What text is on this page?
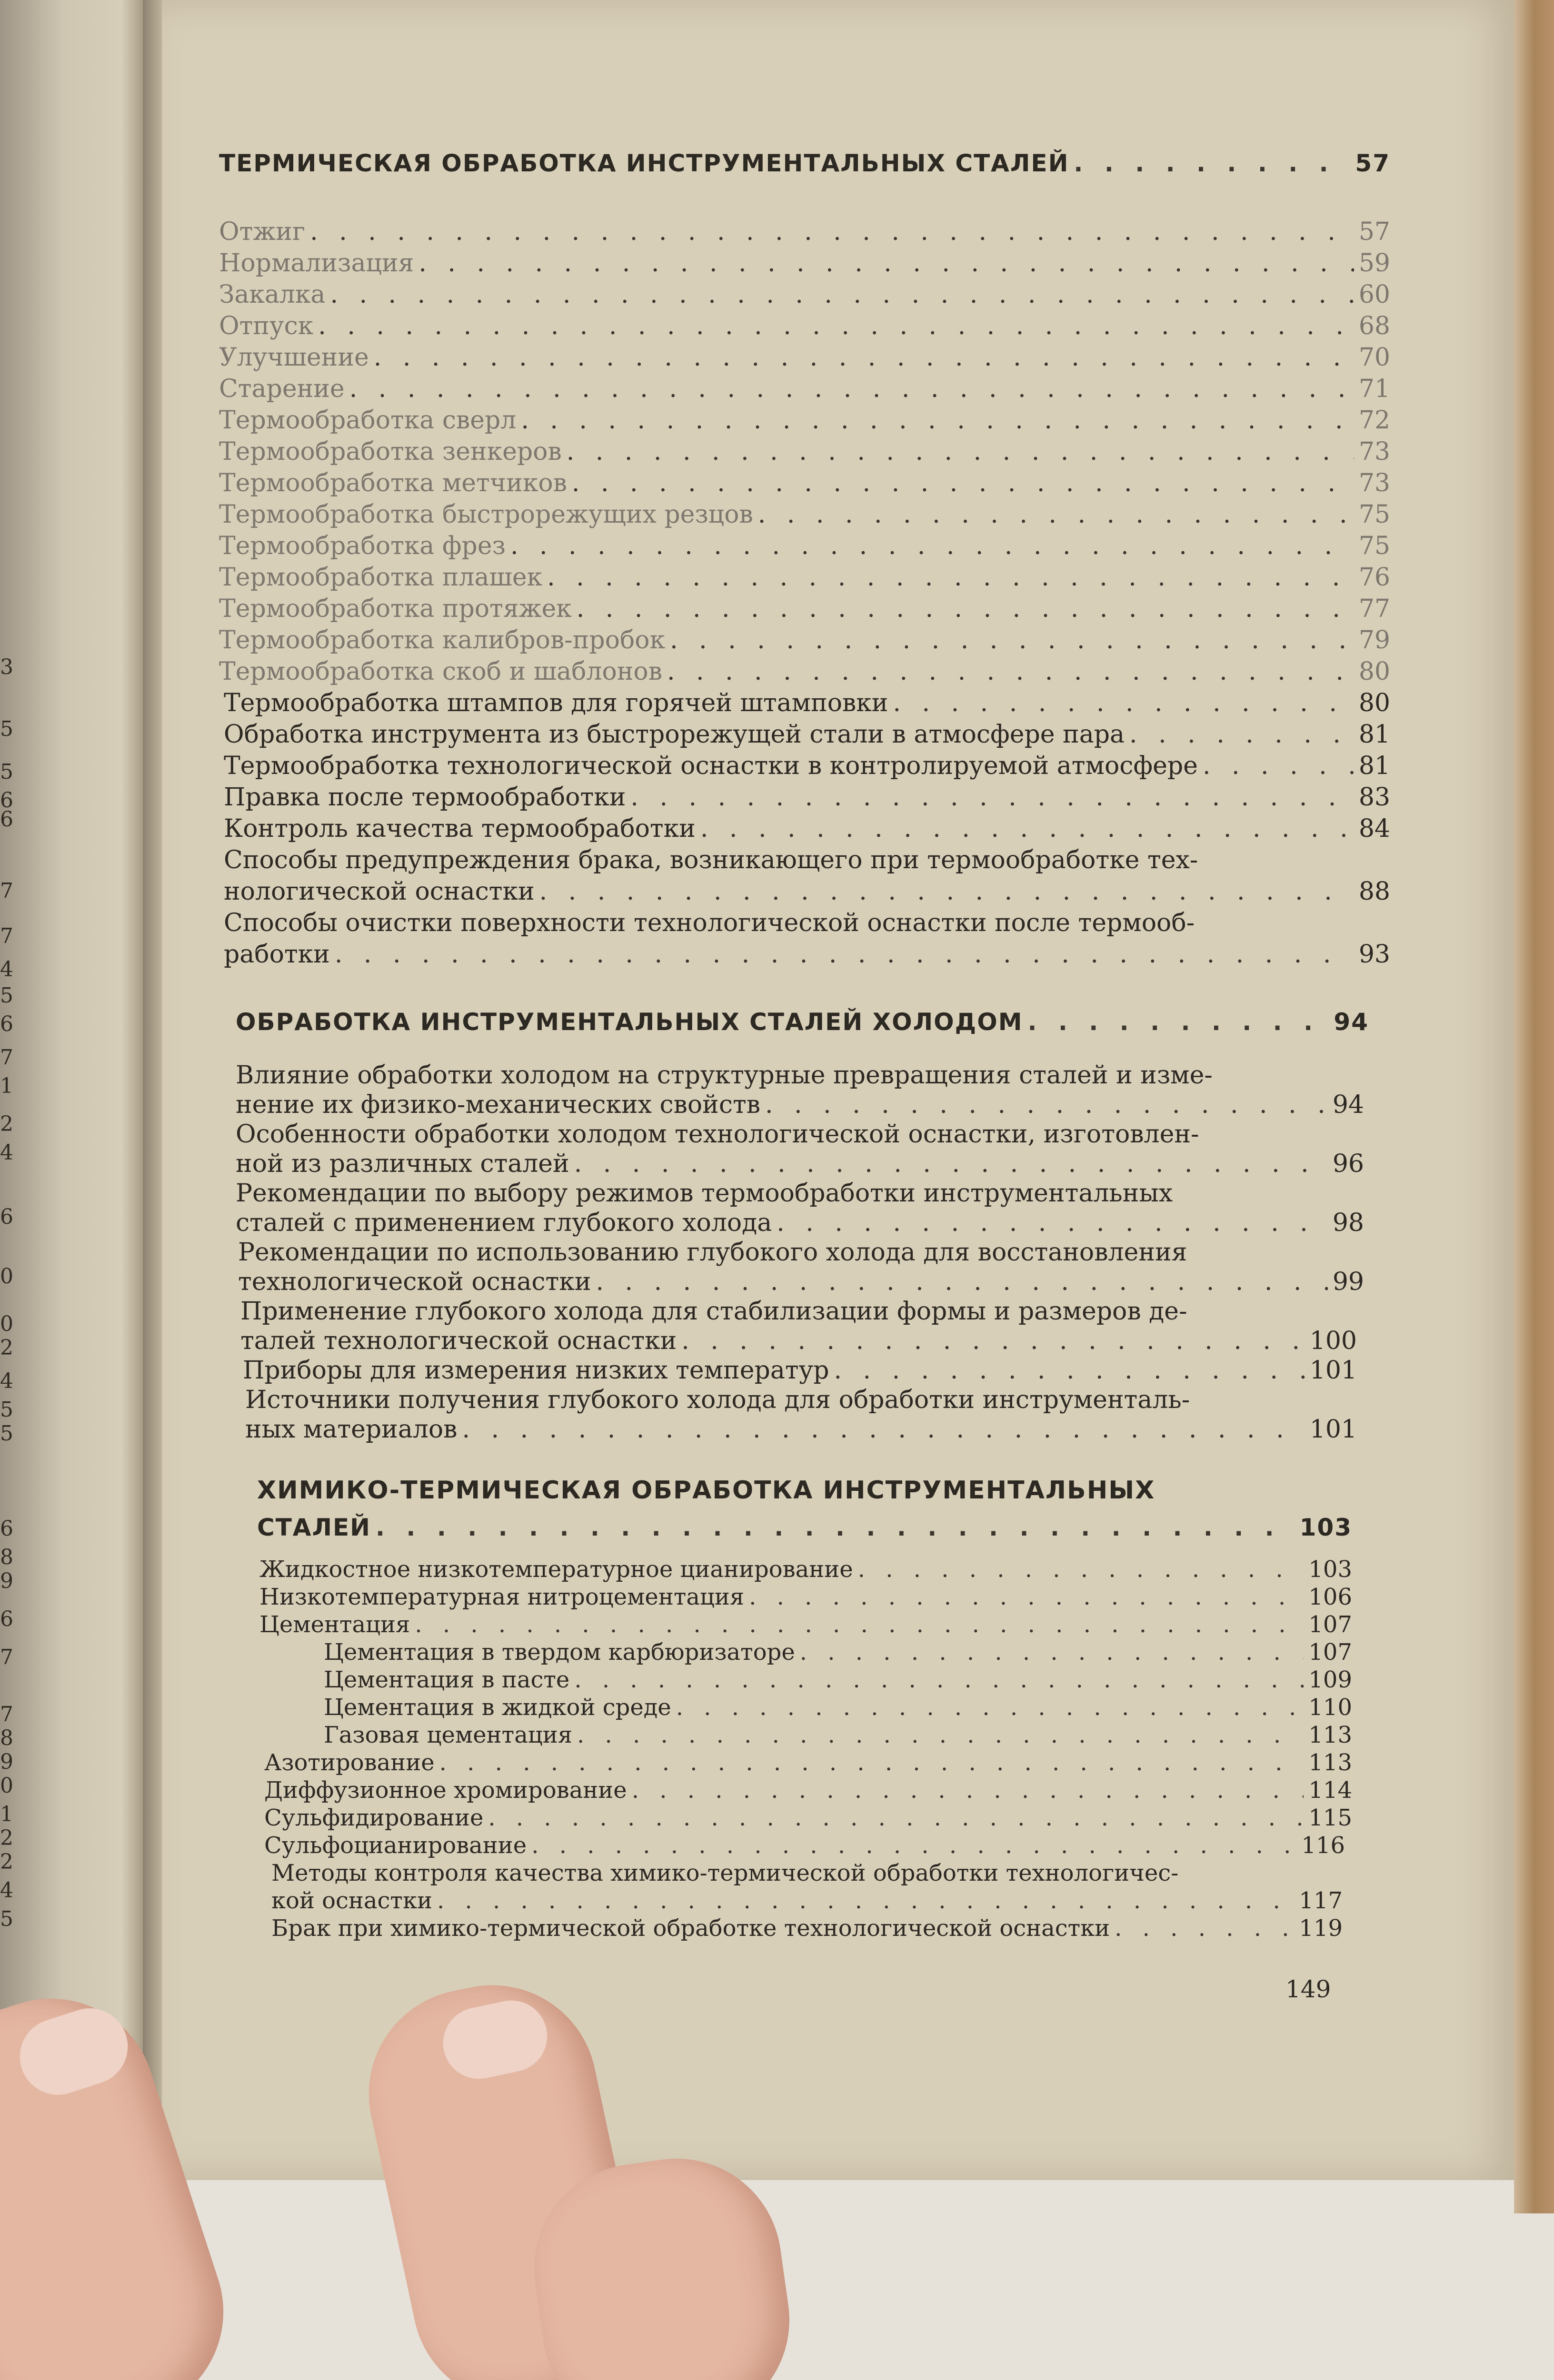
3
5
5
6
6
7
7
4
5
6
7
1
2
4
6
0
0
2
4
5
5
6
8
9
6
7
7
8
9
0
1
2
2
4
5
ТЕРМИЧЕСКАЯ ОБРАБОТКА ИНСТРУМЕНТАЛЬНЫХ СТАЛЕЙ . . .	57
Отжиг . . .	57
Нормализация . . .	59
Закалка . . .	60
Отпуск . . .	68
Улучшение . . .	70
Старение . . .	71
Термообработка сверл . . .	72
Термообработка зенкеров . . .	73
Термообработка метчиков . . .	73
Термообработка быстрорежущих резцов . . .	75
Термообработка фрез . . .	75
Термообработка плашек . . .	76
Термообработка протяжек . . .	77
Термообработка калибров-пробок . . .	79
Термообработка скоб и шаблонов . . .	80
Термообработка штампов для горячей штамповки . . .	80
Обработка инструмента из быстрорежущей стали в атмосфере пара . . .	81
Термообработка технологической оснастки в контролируемой атмосфере . . .	81
Правка после термообработки . . .	83
Контроль качества термообработки . . .	84
Способы предупреждения брака, возникающего при термообработке тех-
нологической оснастки . . .	88
Способы очистки поверхности технологической оснастки после термооб-
работки . . .	93
ОБРАБОТКА ИНСТРУМЕНТАЛЬНЫХ СТАЛЕЙ ХОЛОДОМ . . .	94
Влияние обработки холодом на структурные превращения сталей и изме-
нение их физико-механических свойств . . .	94
Особенности обработки холодом технологической оснастки, изготовлен-
ной из различных сталей . . .	96
Рекомендации по выбору режимов термообработки инструментальных
сталей с применением глубокого холода . . .	98
Рекомендации по использованию глубокого холода для восстановления
технологической оснастки . . .	99
Применение глубокого холода для стабилизации формы и размеров де-
талей технологической оснастки . . .	100
Приборы для измерения низких температур . . .	101
Источники получения глубокого холода для обработки инструменталь-
ных материалов . . .	101
ХИМИКО-ТЕРМИЧЕСКАЯ ОБРАБОТКА ИНСТРУМЕНТАЛЬНЫХ
СТАЛЕЙ . . .	103
Жидкостное низкотемпературное цианирование . . .	103
Низкотемпературная нитроцементация . . .	106
Цементация . . .	107
Цементация в твердом карбюризаторе . . .	107
Цементация в пасте . . .	109
Цементация в жидкой среде . . .	110
Газовая цементация . . .	113
Азотирование . . .	113
Диффузионное хромирование . . .	114
Сульфидирование . . .	115
Сульфоцианирование . . .	116
Методы контроля качества химико-термической обработки технологичес-
кой оснастки . . .	117
Брак при химико-термической обработке технологической оснастки . . .	119
149
